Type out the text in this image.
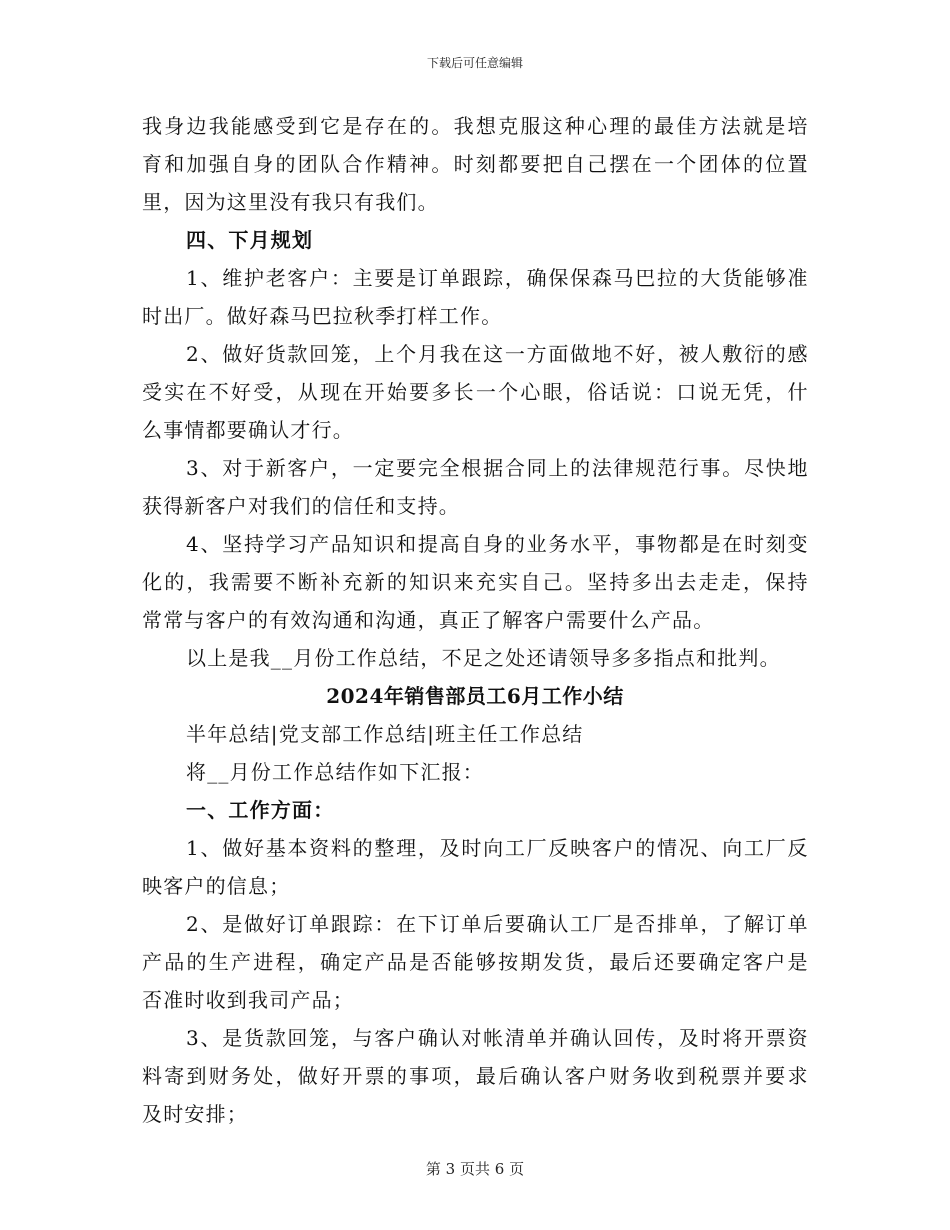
下载后可任意编辑
我身边我能感受到它是存在的。我想克服这种心理的最佳方法就是培
育和加强自身的团队合作精神。时刻都要把自己摆在一个团体的位置
里，因为这里没有我只有我们。
四、下月规划
1、维护老客户：主要是订单跟踪，确保保森马巴拉的大货能够准
时出厂。做好森马巴拉秋季打样工作。
2、做好货款回笼，上个月我在这一方面做地不好，被人敷衍的感
受实在不好受，从现在开始要多长一个心眼，俗话说：口说无凭，什
么事情都要确认才行。
3、对于新客户，一定要完全根据合同上的法律规范行事。尽快地
获得新客户对我们的信任和支持。
4、坚持学习产品知识和提高自身的业务水平，事物都是在时刻变
化的，我需要不断补充新的知识来充实自己。坚持多出去走走，保持
常常与客户的有效沟通和沟通，真正了解客户需要什么产品。
以上是我__月份工作总结，不足之处还请领导多多指点和批判。
2024年销售部员工6月工作小结
半年总结|党支部工作总结|班主任工作总结
将__月份工作总结作如下汇报：
一、工作方面：
1、做好基本资料的整理，及时向工厂反映客户的情况、向工厂反
映客户的信息；
2、是做好订单跟踪：在下订单后要确认工厂是否排单，了解订单
产品的生产进程，确定产品是否能够按期发货，最后还要确定客户是
否准时收到我司产品；
3、是货款回笼，与客户确认对帐清单并确认回传，及时将开票资
料寄到财务处，做好开票的事项，最后确认客户财务收到税票并要求
及时安排；
第 3 页共 6 页
